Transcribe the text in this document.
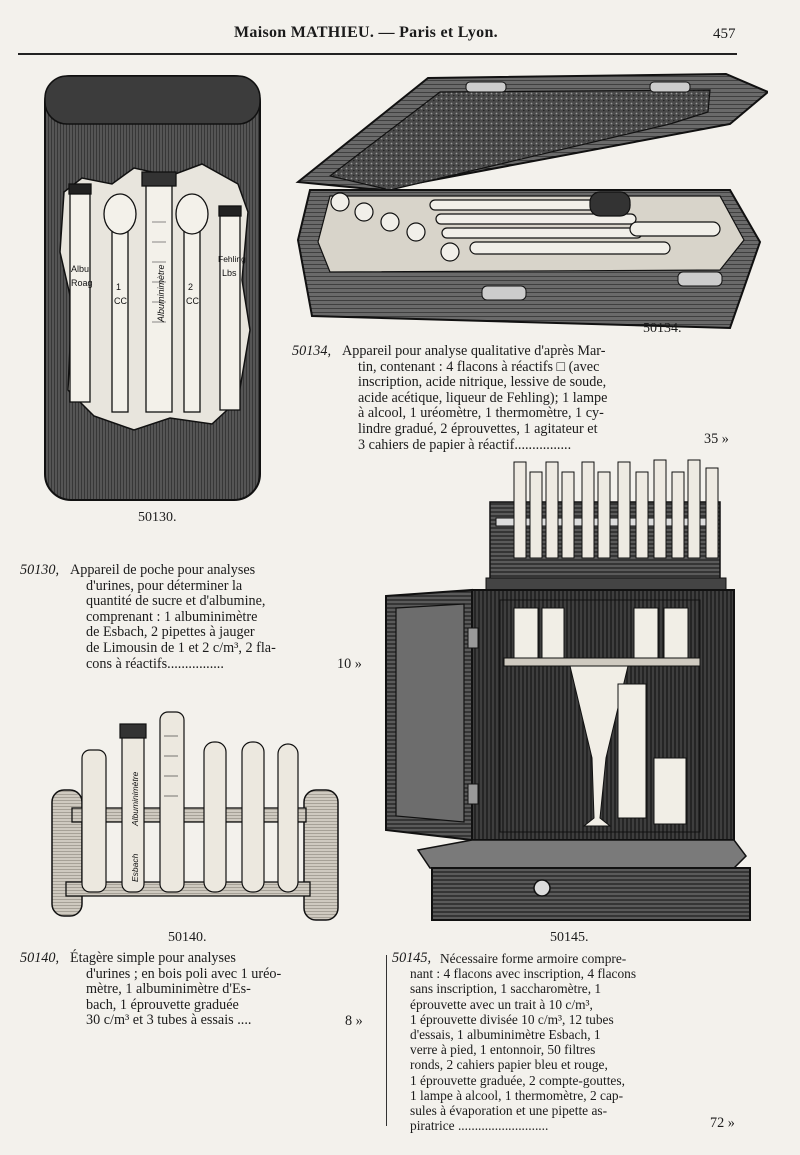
Maison MATHIEU. — Paris et Lyon.	457
Albu
Roag	Albuminimètre
1
CC
2
CC
Fehling
Lbs
50130.
50134.
50134, Appareil pour analyse qualitative d'après Mar-
tin, contenant : 4 flacons à réactifs □ (avec
inscription, acide nitrique, lessive de soude,
acide acétique, liqueur de Fehling); 1 lampe
à alcool, 1 uréomètre, 1 thermomètre, 1 cy-
lindre gradué, 2 éprouvettes, 1 agitateur et
3 cahiers de papier à réactif................	35 »
50130, Appareil de poche pour analyses
d'urines, pour déterminer la
quantité de sucre et d'albumine,
comprenant : 1 albuminimètre
de Esbach, 2 pipettes à jauger
de Limousin de 1 et 2 c/m³, 2 fla-
cons à réactifs................	10 »
Albuminimètre
Esbach
50140.	50145.
50140, Étagère simple pour analyses
d'urines ; en bois poli avec 1 uréo-
mètre, 1 albuminimètre d'Es-
bach, 1 éprouvette graduée
30 c/m³ et 3 tubes à essais ....	8 »
50145, Nécessaire forme armoire compre-
nant : 4 flacons avec inscription, 4 flacons
sans inscription, 1 saccharomètre, 1
éprouvette avec un trait à 10 c/m³,
1 éprouvette divisée 10 c/m³, 12 tubes
d'essais, 1 albuminimètre Esbach, 1
verre à pied, 1 entonnoir, 50 filtres
ronds, 2 cahiers papier bleu et rouge,
1 éprouvette graduée, 2 compte-gouttes,
1 lampe à alcool, 1 thermomètre, 2 cap-
sules à évaporation et une pipette as-
piratrice ...........................	72 »
